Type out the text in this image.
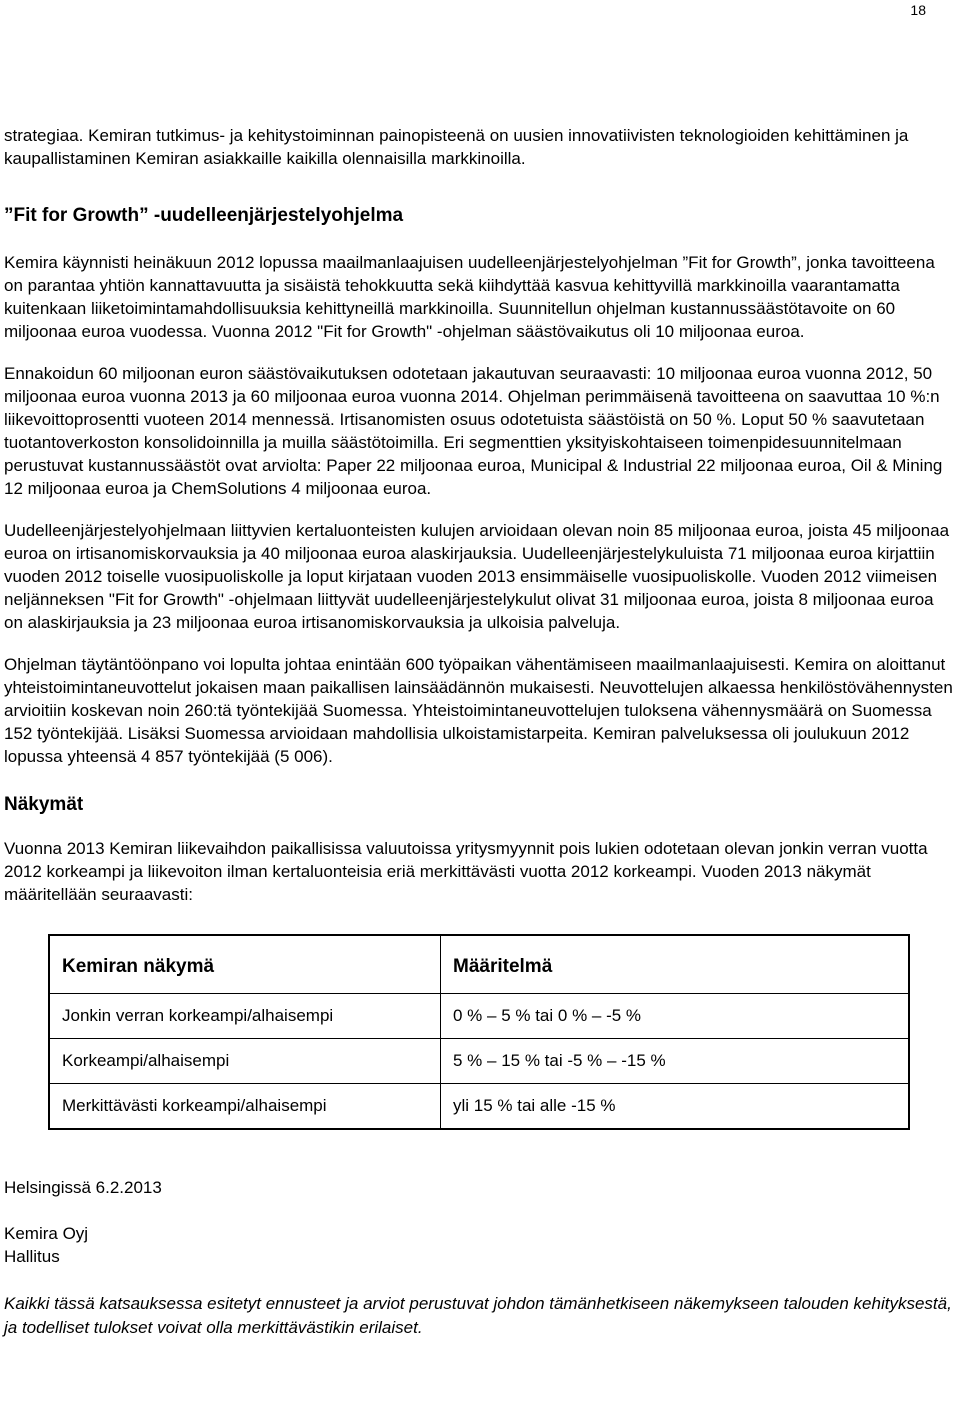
18

strategiaa. Kemiran tutkimus- ja kehitystoiminnan painopisteenä on uusien innovatiivisten teknologioiden kehittäminen ja kaupallistaminen Kemiran asiakkaille kaikilla olennaisilla markkinoilla.

”Fit for Growth” -uudelleenjärjestelyohjelma

Kemira käynnisti heinäkuun 2012 lopussa maailmanlaajuisen uudelleenjärjestelyohjelman ”Fit for Growth”, jonka tavoitteena on parantaa yhtiön kannattavuutta ja sisäistä tehokkuutta sekä kiihdyttää kasvua kehittyvillä markkinoilla vaarantamatta kuitenkaan liiketoimintamahdollisuuksia kehittyneillä markkinoilla. Suunnitellun ohjelman kustannussäästötavoite on 60 miljoonaa euroa vuodessa. Vuonna 2012 "Fit for Growth" -ohjelman säästövaikutus oli 10 miljoonaa euroa.

Ennakoidun 60 miljoonan euron säästövaikutuksen odotetaan jakautuvan seuraavasti: 10 miljoonaa euroa vuonna 2012, 50 miljoonaa euroa vuonna 2013 ja 60 miljoonaa euroa vuonna 2014. Ohjelman perimmäisenä tavoitteena on saavuttaa 10 %:n liikevoittoprosentti vuoteen 2014 mennessä. Irtisanomisten osuus odotetuista säästöistä on 50 %. Loput 50 % saavutetaan tuotantoverkoston konsolidoinnilla ja muilla säästötoimilla. Eri segmenttien yksityiskohtaiseen toimenpidesuunnitelmaan perustuvat kustannussäästöt ovat arviolta: Paper 22 miljoonaa euroa, Municipal & Industrial 22 miljoonaa euroa, Oil & Mining 12 miljoonaa euroa ja ChemSolutions 4 miljoonaa euroa.

Uudelleenjärjestelyohjelmaan liittyvien kertaluonteisten kulujen arvioidaan olevan noin 85 miljoonaa euroa, joista 45 miljoonaa euroa on irtisanomiskorvauksia ja 40 miljoonaa euroa alaskirjauksia. Uudelleenjärjestelykuluista 71 miljoonaa euroa kirjattiin vuoden 2012 toiselle vuosipuoliskolle ja loput kirjataan vuoden 2013 ensimmäiselle vuosipuoliskolle. Vuoden 2012 viimeisen neljänneksen "Fit for Growth" -ohjelmaan liittyvät uudelleenjärjestelykulut olivat 31 miljoonaa euroa, joista 8 miljoonaa euroa on alaskirjauksia ja 23 miljoonaa euroa irtisanomiskorvauksia ja ulkoisia palveluja.

Ohjelman täytäntöönpano voi lopulta johtaa enintään 600 työpaikan vähentämiseen maailmanlaajuisesti. Kemira on aloittanut yhteistoimintaneuvottelut jokaisen maan paikallisen lainsäädännön mukaisesti. Neuvottelujen alkaessa henkilöstövähennysten arvioitiin koskevan noin 260:tä työntekijää Suomessa. Yhteistoimintaneuvottelujen tuloksena vähennysmäärä on Suomessa 152 työntekijää. Lisäksi Suomessa arvioidaan mahdollisia ulkoistamistarpeita. Kemiran palveluksessa oli joulukuun 2012 lopussa yhteensä 4 857 työntekijää (5 006).

Näkymät

Vuonna 2013 Kemiran liikevaihdon paikallisissa valuutoissa yritysmyynnit pois lukien odotetaan olevan jonkin verran vuotta 2012 korkeampi ja liikevoiton ilman kertaluonteisia eriä merkittävästi vuotta 2012 korkeampi. Vuoden 2013 näkymät määritellään seuraavasti:

Kemiran näkymä	Määritelmä
Jonkin verran korkeampi/alhaisempi	0 % – 5 % tai 0 % – -5 %
Korkeampi/alhaisempi	5 % – 15 % tai -5 % – -15 %
Merkittävästi korkeampi/alhaisempi	yli 15 % tai alle -15 %

Helsingissä 6.2.2013

Kemira Oyj

Hallitus

Kaikki tässä katsauksessa esitetyt ennusteet ja arviot perustuvat johdon tämänhetkiseen näkemykseen talouden kehityksestä, ja todelliset tulokset voivat olla merkittävästikin erilaiset.
